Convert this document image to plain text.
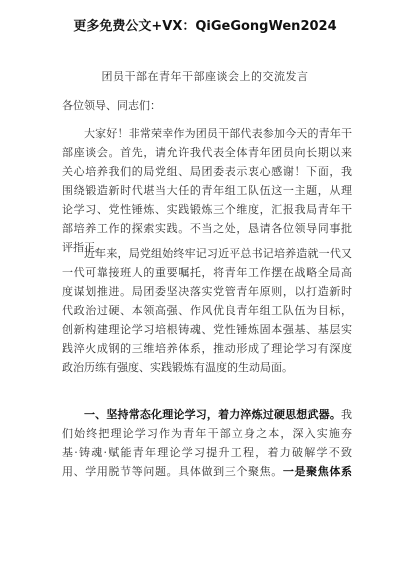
更多免费公文+VX：QiGeGongWen2024
团员干部在青年干部座谈会上的交流发言
各位领导、同志们：
大家好！非常荣幸作为团员干部代表参加今天的青年干
部座谈会。首先，请允许我代表全体青年团员向长期以来
关心培养我们的局党组、局团委表示衷心感谢！下面，我
围绕锻造新时代堪当大任的青年组工队伍这一主题，从理
论学习、党性锤炼、实践锻炼三个维度，汇报我局青年干
部培养工作的探索实践。不当之处，恳请各位领导同事批
评指正。
近年来，局党组始终牢记习近平总书记培养造就一代又
一代可靠接班人的重要嘱托，将青年工作摆在战略全局高
度谋划推进。局团委坚决落实党管青年原则，以打造新时
代政治过硬、本领高强、作风优良青年组工队伍为目标，
创新构建理论学习培根铸魂、党性锤炼固本强基、基层实
践淬火成钢的三维培养体系，推动形成了理论学习有深度
政治历练有强度、实践锻炼有温度的生动局面。
一、坚持常态化理论学习，着力淬炼过硬思想武器。我
们始终把理论学习作为青年干部立身之本，深入实施夯
基·铸魂·赋能青年理论学习提升工程，着力破解学不致
用、学用脱节等问题。具体做到三个聚焦。一是聚焦体系
